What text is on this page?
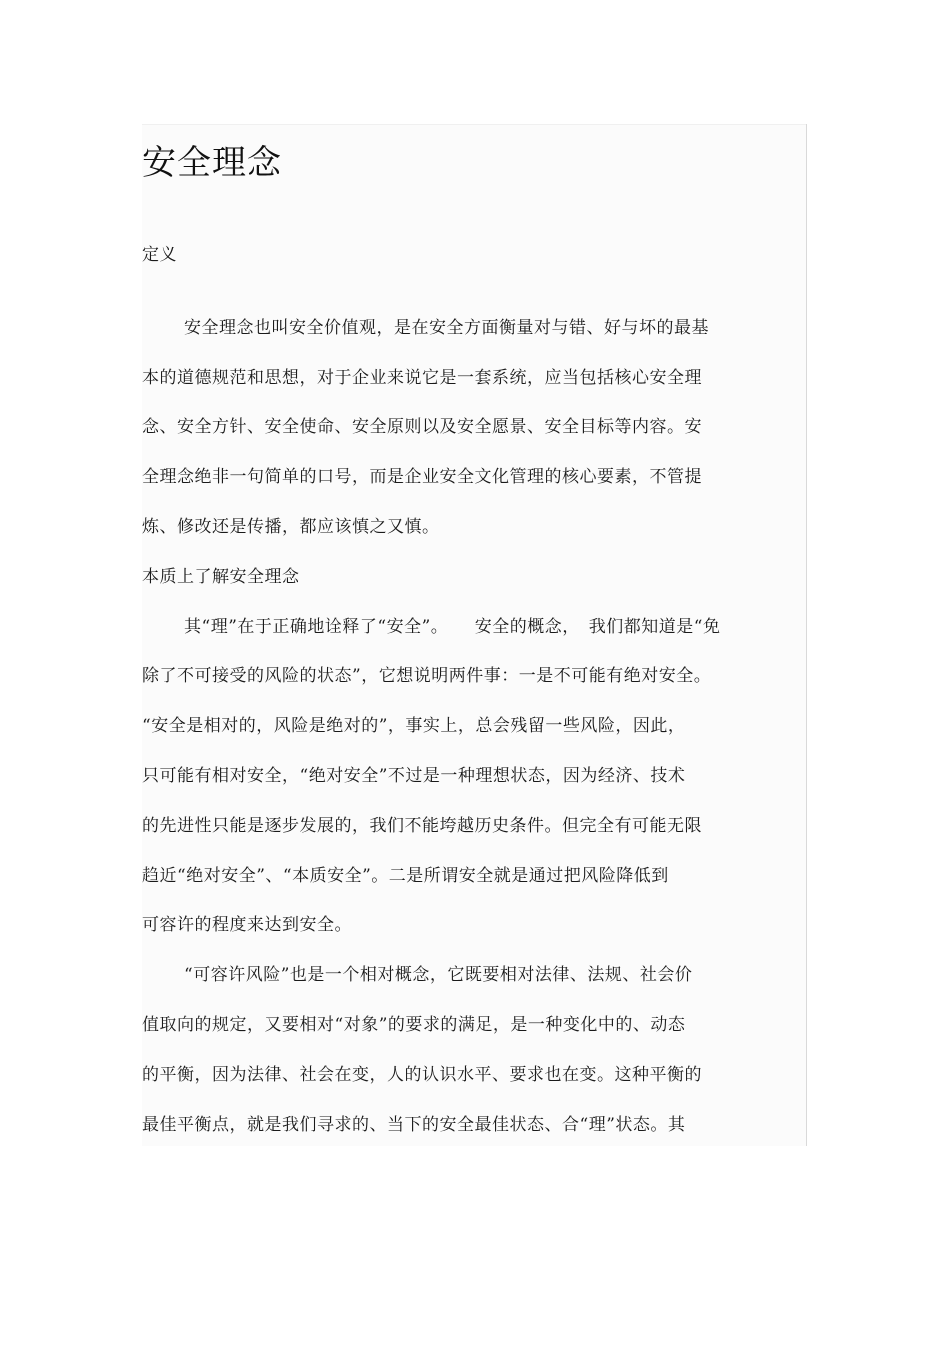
安全理念
定义
安全理念也叫安全价值观，是在安全方面衡量对与错、好与坏的最基
本的道德规范和思想，对于企业来说它是一套系统，应当包括核心安全理
念、安全方针、安全使命、安全原则以及安全愿景、安全目标等内容。安
全理念绝非一句简单的口号，而是企业安全文化管理的核心要素，不管提
炼、修改还是传播，都应该慎之又慎。
本质上了解安全理念
其“理”在于正确地诠释了“安全”。　　安全的概念，　我们都知道是“免
除了不可接受的风险的状态”，它想说明两件事：一是不可能有绝对安全。
“安全是相对的，风险是绝对的”，事实上，总会残留一些风险，因此，
只可能有相对安全，“绝对安全”不过是一种理想状态，因为经济、技术
的先进性只能是逐步发展的，我们不能垮越历史条件。但完全有可能无限
趋近“绝对安全”、“本质安全”。二是所谓安全就是通过把风险降低到
可容许的程度来达到安全。
“可容许风险”也是一个相对概念，它既要相对法律、法规、社会价
值取向的规定，又要相对“对象”的要求的满足，是一种变化中的、动态
的平衡，因为法律、社会在变，人的认识水平、要求也在变。这种平衡的
最佳平衡点，就是我们寻求的、当下的安全最佳状态、合“理”状态。其
